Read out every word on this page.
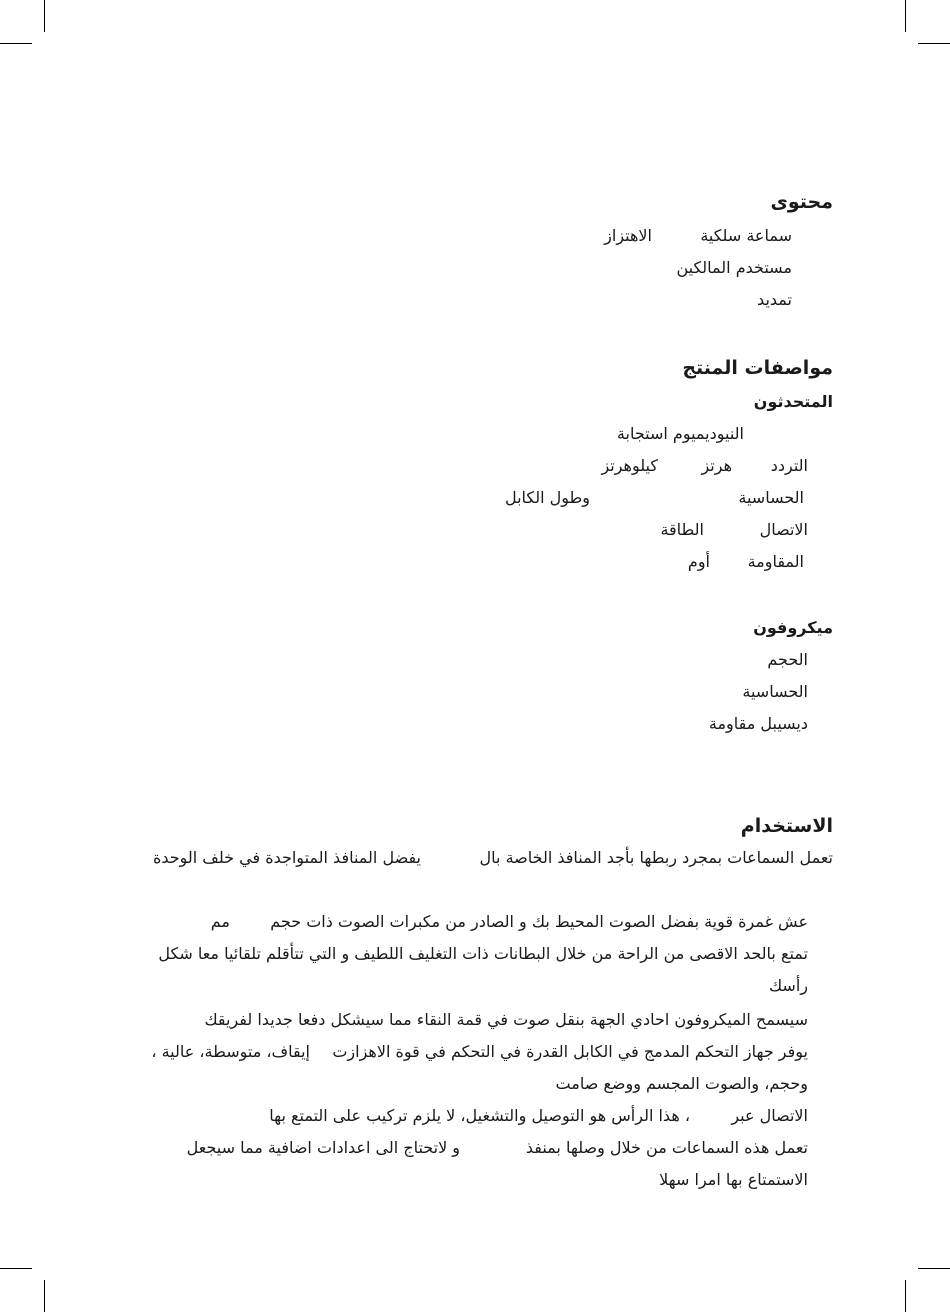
محتوى
سماعة سلكية
الاهتزاز
مستخدم المالكين
تمديد
مواصفات المنتج
المتحدثون
النيوديميوم استجابة
التردد
هرتز
كيلوهرتز
الحساسية
وطول الكابل
الاتصال
الطاقة
المقاومة
أوم
ميكروفون
الحجم
الحساسية
ديسيبل مقاومة
الاستخدام
تعمل السماعات بمجرد ربطها بأجد المنافذ الخاصة بال
يفضل المنافذ المتواجدة في خلف الوحدة
عش غمرة قوية بفضل الصوت المحيط بك و الصادر من مكبرات الصوت ذات حجم
مم
تمتع بالحد الاقصى من الراحة من خلال البطانات ذات التغليف اللطيف و التي تتأقلم تلقائيا معا شكل
رأسك
سيسمح الميكروفون احادي الجهة بنقل صوت في قمة النقاء مما سيشكل دفعا جديدا لفريقك
يوفر جهاز التحكم المدمج في الكابل القدرة في التحكم في قوة الاهزازت
إيقاف، متوسطة، عالية ،
وحجم، والصوت المجسم ووضع صامت
الاتصال عبر
، هذا الرأس هو التوصيل والتشغيل، لا يلزم تركيب على التمتع بها
تعمل هذه السماعات من خلال وصلها بمنفذ
و لاتحتاج الى اعدادات اضافية مما سيجعل
الاستمتاع بها امرا سهلا
